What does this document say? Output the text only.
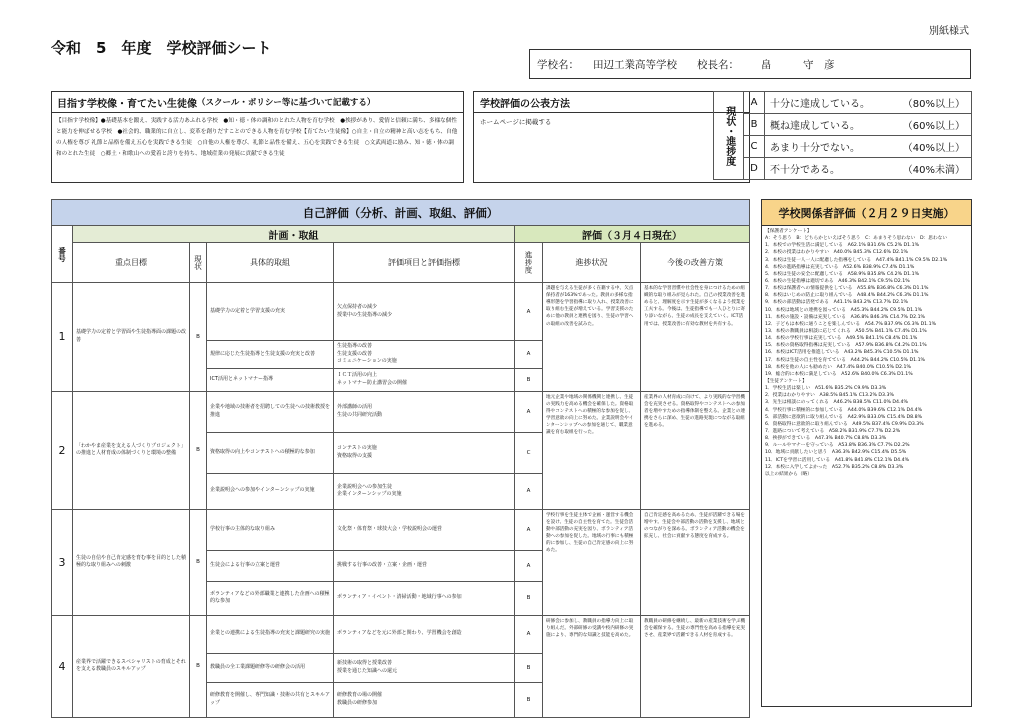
別紙様式
令和　5　年度　学校評価シート
学校名： 田辺工業高等学校 校長名： 畠　　　守　彦
目指す学校像・育てたい生徒像 （スクール・ポリシー等に基づいて記載する）
【目指す学校像】●基礎基本を鍛え、実践する活力あふれる学校　●知・徳・体の調和のとれた人物を育む学校　●挨拶があり、愛情と信頼に満ち、多様な個性と能力を伸ばせる学校　●社会的、職業的に自立し、変革を創りだすことのできる人物を育む学校【育てたい生徒像】○自主・自立の精神と高い志をもち、自他の人権を尊び 礼節と品格を備え五心を実践できる生徒　○自他の人権を尊び、礼節と品性を備え、五心を実践できる生徒　○文武両道に励み、知・徳・体の調和のとれた生徒　○郷土・和歌山への愛着と誇りを持ち、地域産業の発展に貢献できる生徒
学校評価の公表方法
ホームページに掲載する	現状・進捗度	A	十分に達成している。 （80%以上）

	B	概ね達成している。 （60%以上）

	C	あまり十分でない。 （40%以上）

	D	不十分である。 （40%未満）
自己評価（分析、計画、取組、評価）							

番号	計画・取組				評価（３月４日現在）		
	重点目標	現状	具体的取組	評価項目と評価指標	進捗度	進捗状況	今後の改善方策
1	基礎学力の定着と学習面や生徒指導面の課題の改善	B	基礎学力の定着と学習支援の充実	欠点保持者の減少
授業中の生徒指導の減少	A	課題を与える生徒が多く在籍する中、欠点保持者が163%であった。教員の多様な指導形態を学習指導に取り入れ、授業改善に取り組む生徒が増えている。学習支援のために他の教員と連携を図り、生徒の学習への取組の改善を試みた。	基本的な学習習慣や社会性を身につけるための組織的な取り組みが見られた。自己の授業改善を進めると、理解度を示す生徒が多くなるよう授業を工夫する。今後は、生徒指導でも一人ひとりに寄り添いながら、生徒の成長を支えていく。ICT活用では、授業改善に有効な教材を共有する。
			規律に応じた生徒指導と生徒支援の充実と改善	生徒指導の改善
生徒支援の改善
コミュニケーションの実施	A		
			ICT活用とネットマナー指導	ＩＣＴ活用の向上
ネットマナー防止講習会の開催	B		
2	「わかやま産業を支える人づくりプロジェクト」の推進と人材育成の体制づくりと環境の整備	B	企業や地域の技術者を招聘しての生徒への技術教授を推進	外部講師の活用
生徒の共同研究活動	A	地元企業や地域の関係機関と連携し、生徒の実践力を高める機会を確保した。資格取得やコンテストへの積極的な参加を促し、学習意欲の向上に努めた。企業説明会やインターンシップへの参加を通じて、職業意識を育む取組を行った。	産業界の人材育成に向けて、より実践的な学習機会を充実させる。資格取得やコンテストへの参加者を増やすための指導体制を整える。企業との連携をさらに深め、生徒の進路実現につながる取組を進める。
			資格取得の向上やコンテストへの積極的な参加	コンテストの実施
資格取得の支援	C		
			企業説明会への参加やインターンシップの実施	企業説明会への参加生徒
企業インターンシップの実施	A		
3	生徒の自信や自己肯定感を育む事を目的とした積極的な取り組みへの刺激	B	学校行事の主体的な取り組み	文化祭・体育祭・球技大会・学校説明会の運営	A	学校行事を生徒主体で企画・運営する機会を設け、生徒の自主性を育てた。生徒会活動や部活動の充実を図り、ボランティア活動への参加を促した。地域の行事にも積極的に参加し、生徒の自己肯定感の向上に努めた。	自己肯定感を高めるため、生徒が活躍できる場を増やす。生徒会や部活動の活動を支援し、地域とのつながりを深める。ボランティア活動の機会を拡充し、社会に貢献する態度を育成する。
			生徒会による行事の立案と運営	挑戦する行事の改善・立案・企画・運営	A		
			ボランティアなどの外部職業と連携した企画への積極的な参加	ボランティア・イベント・清掃活動・地域行事への参加	B		
4	産業界で活躍できるスペシャリストの育成とそれを支える教職員のスキルアップ	B	企業との連携による生徒指導の充実と課題研究の実施	ボランティアなどを元に外部と関わり、学習機会を創造	A	研修会に参加し、教職員の指導力向上に取り組んだ。外部研修の受講や校内研修の実施により、専門的な知識と技能を高めた。	教職員の研修を継続し、最新の産業技術を学ぶ機会を確保する。生徒の専門性を高める指導を充実させ、産業界で活躍できる人材を育成する。
			教職員の全工業課題研修等の研修会の活用	新技術の取得と授業改善
授業を通じた知識への還元	B		
			研修教育を開催し、専門知識・技術の共有とスキルアップ	研修教育の場の開催
教職員の研修参加	B		
学校関係者評価（２月２９日実施）
【保護者アンケート】
A：そう思う　B：どちらかといえばそう思う　C：あまりそう思わない　D：思わない
1．本校での学校生活に満足している　A62.1% B31.6% C5.2% D1.1%
2．本校の授業はわかりやすい　A40.0% B45.3% C12.6% D2.1%
3．本校は生徒一人一人に配慮した指導をしている　A47.4% B41.1% C9.5% D2.1%
4．本校の進路指導は充実している　A52.6% B38.9% C7.4% D1.1%
5．本校は生徒の安全に配慮している　A58.9% B35.8% C4.2% D1.1%
6．本校の生徒指導は適切である　A46.3% B42.1% C9.5% D2.1%
7．本校は保護者への情報提供をしている　A55.8% B36.8% C6.3% D1.1%
8．本校はいじめの防止に取り組んでいる　A48.4% B44.2% C6.3% D1.1%
9．本校の部活動は活発である　A41.1% B43.2% C13.7% D2.1%
10．本校は地域との連携を図っている　A45.3% B44.2% C9.5% D1.1%
11．本校の施設・設備は充実している　A36.8% B46.3% C14.7% D2.1%
12．子どもは本校に通うことを楽しんでいる　A54.7% B37.9% C6.3% D1.1%
13．本校の教職員は相談に応じてくれる　A50.5% B41.1% C7.4% D1.1%
14．本校の学校行事は充実している　A49.5% B41.1% C8.4% D1.1%
15．本校の資格取得指導は充実している　A57.9% B36.8% C4.2% D1.1%
16．本校はICT活用を推進している　A43.2% B45.3% C10.5% D1.1%
17．本校は生徒の自主性を育てている　A44.2% B44.2% C10.5% D1.1%
18．本校を他の人にも勧めたい　A47.4% B40.0% C10.5% D2.1%
19．総合的に本校に満足している　A52.6% B40.0% C6.3% D1.1%
【生徒アンケート】
1．学校生活は楽しい　A51.6% B35.2% C9.9% D3.3%
2．授業はわかりやすい　A38.5% B45.1% C13.2% D3.3%
3．先生は相談にのってくれる　A46.2% B38.5% C11.0% D4.4%
4．学校行事に積極的に参加している　A44.0% B39.6% C12.1% D4.4%
5．部活動に意欲的に取り組んでいる　A42.9% B33.0% C15.4% D8.8%
6．資格取得に意欲的に取り組んでいる　A49.5% B37.4% C9.9% D3.3%
7．進路について考えている　A58.2% B31.9% C7.7% D2.2%
8．挨拶ができている　A47.3% B40.7% C8.8% D3.3%
9．ルールやマナーを守っている　A53.8% B36.3% C7.7% D2.2%
10．地域に貢献したいと思う　A36.3% B42.9% C15.4% D5.5%
11．ICTを学習に活用している　A41.8% B41.8% C12.1% D4.4%
12．本校に入学してよかった　A52.7% B35.2% C8.8% D3.3%
以上の結果から（略）
